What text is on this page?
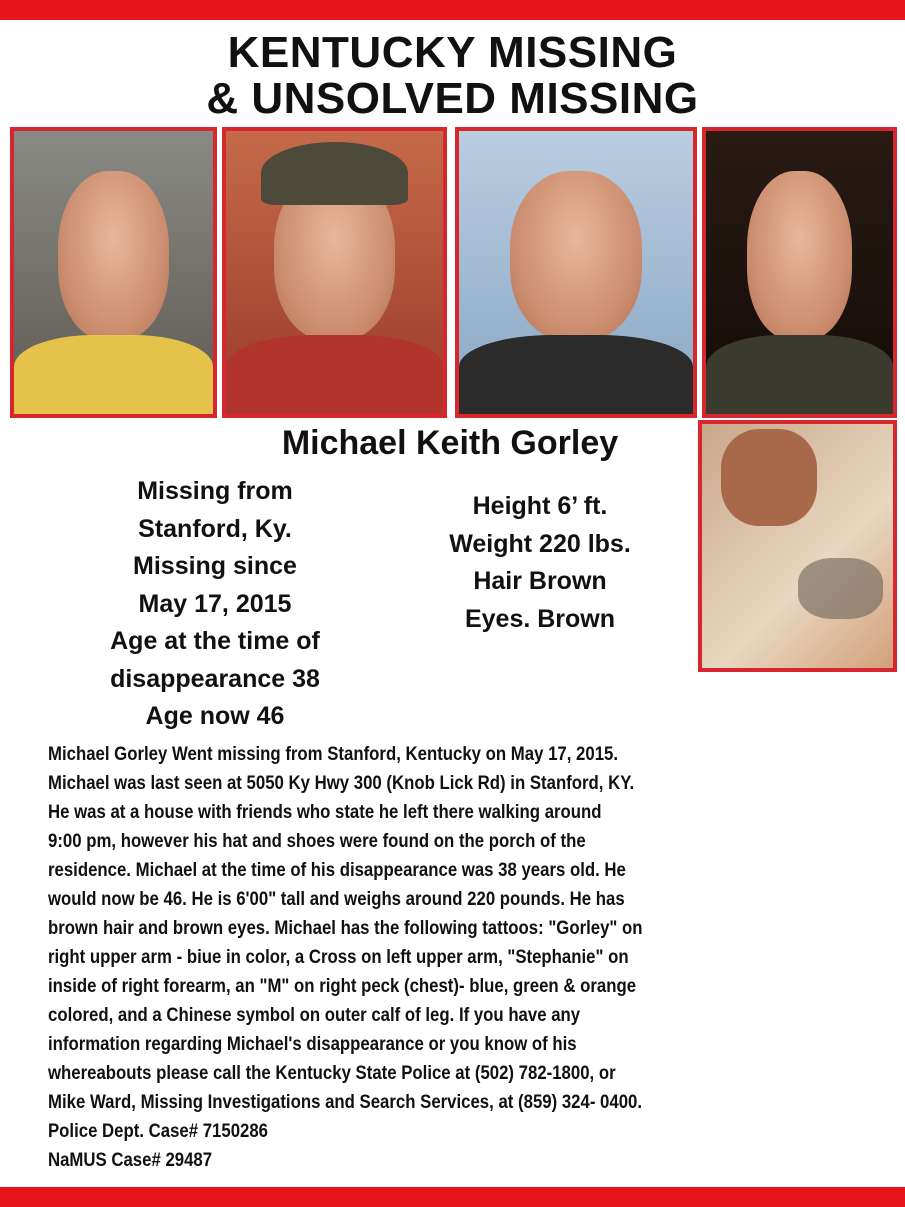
KENTUCKY MISSING
& UNSOLVED MISSING
Michael Keith Gorley
Missing from
Stanford, Ky.
Missing since
May 17, 2015
Age at the time of
disappearance 38
Age now 46
Height 6’ ft.
Weight 220 lbs.
Hair Brown
Eyes. Brown
Michael Gorley Went missing from Stanford, Kentucky on May 17, 2015.
Michael was last seen at 5050 Ky Hwy 300 (Knob Lick Rd) in Stanford, KY.
He was at a house with friends who state he left there walking around
9:00 pm, however his hat and shoes were found on the porch of the
residence. Michael at the time of his disappearance was 38 years old. He
would now be 46. He is 6'00" tall and weighs around 220 pounds. He has
brown hair and brown eyes. Michael has the following tattoos: "Gorley" on
right upper arm - biue in color, a Cross on left upper arm, "Stephanie" on
inside of right forearm, an "M" on right peck (chest)- blue, green & orange
colored, and a Chinese symbol on outer calf of leg. If you have any
information regarding Michael's disappearance or you know of his
whereabouts please call the Kentucky State Police at (502) 782-1800, or
Mike Ward, Missing Investigations and Search Services, at (859) 324- 0400.
Police Dept. Case# 7150286
NaMUS Case# 29487
